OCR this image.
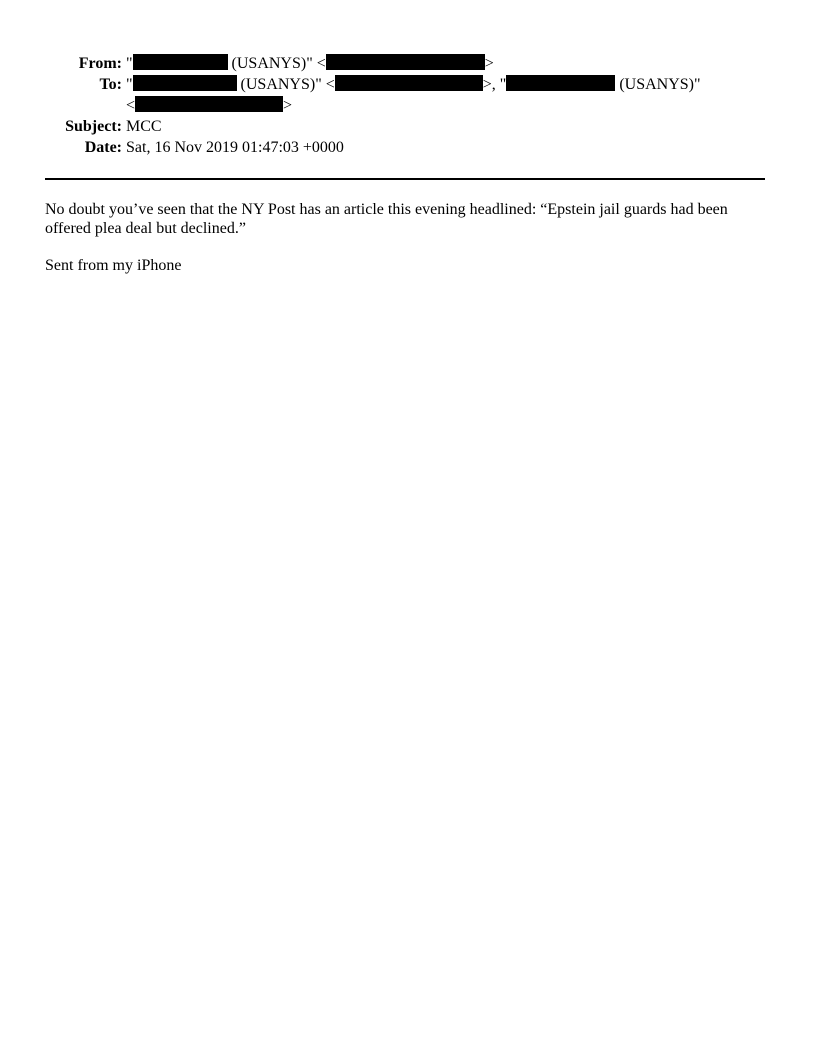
From:	" (USANYS)" < >
To:	" (USANYS)" < >, " (USANYS)"
	< >
Subject:	MCC
Date:	Sat, 16 Nov 2019 01:47:03 +0000

No doubt you’ve seen that the NY Post has an article this evening headlined: “Epstein jail guards had been offered plea deal but declined.”

Sent from my iPhone
